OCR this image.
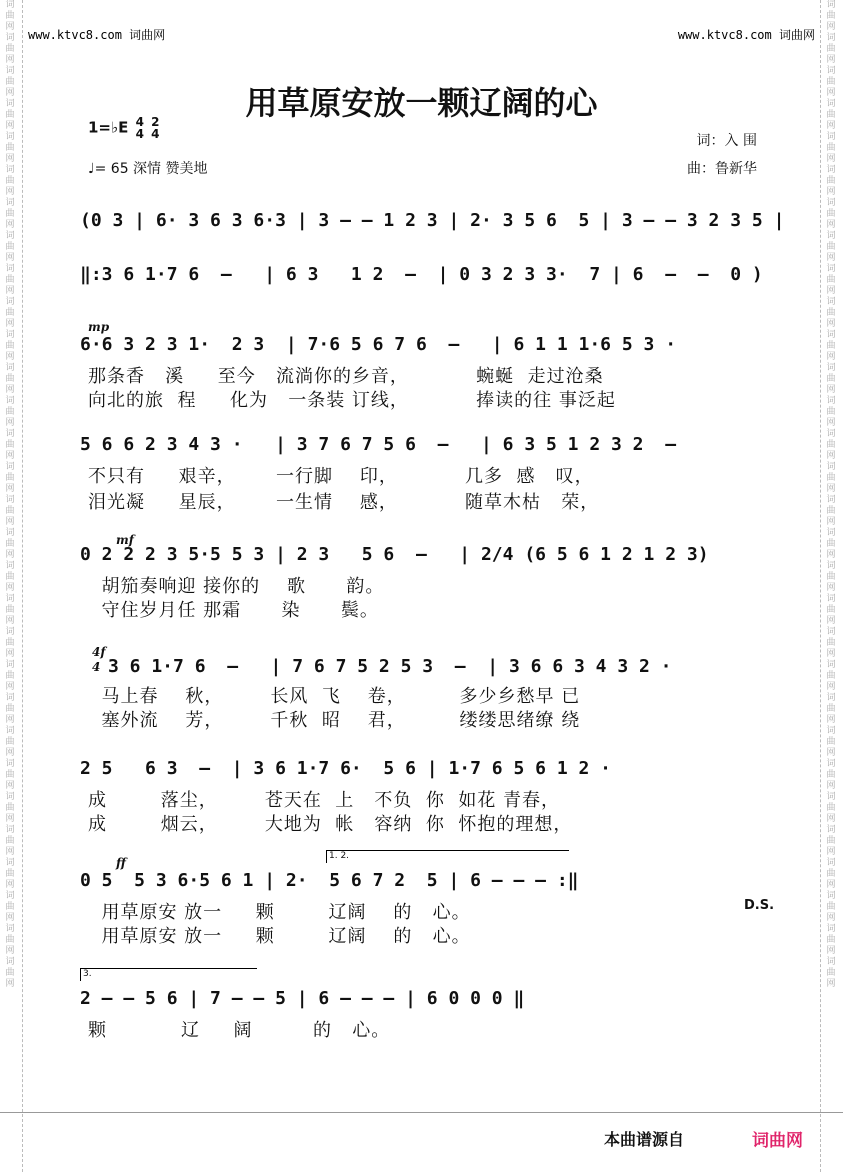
词曲网词曲网词曲网词曲网词曲网词曲网词曲网词曲网词曲网词曲网词曲网词曲网词曲网词曲网词曲网词曲网词曲网词曲网词曲网词曲网词曲网词曲网词曲网词曲网词曲网词曲网词曲网词曲网词曲网词曲网
词曲网词曲网词曲网词曲网词曲网词曲网词曲网词曲网词曲网词曲网词曲网词曲网词曲网词曲网词曲网词曲网词曲网词曲网词曲网词曲网词曲网词曲网词曲网词曲网词曲网词曲网词曲网词曲网词曲网词曲网
www.ktvc8.com 词曲网	www.ktvc8.com 词曲网
用草原安放一颗辽阔的心
1=♭E 4
4 2
4
♩= 65 深情 赞美地
词：入 围
曲：鲁新华
(0 3 | 6· 3 6 3 6·3 | 3 – – 1 2 3 | 2· 3 5 6  5 | 3 – – 3 2 3 5 |
‖:3 6 1·7 6  –   | 6 3   1 2  –  | 0 3 2 3 3·  7 | 6  –  –  0 )
mp
6·6 3 2 3 1·  2 3  | 7·6 5 6 7 6  –   | 6 1 1 1·6 5 3 ·
那条香   溪     至今   流淌你的乡音，          蜿蜒  走过沧桑
向北的旅  程     化为   一条装 订线，          捧读的往 事泛起
5 6 6 2 3 4 3 ·   | 3 7 6 7 5 6  –   | 6 3 5 1 2 3 2  –
不只有     艰辛，      一行脚    印，          几多  感   叹，
泪光凝     星辰，      一生情    感，          随草木枯   荣，
mf
0 2 2 2 3 5·5 5 3 | 2 3   5 6  –   | 2/4 (6 5 6 1 2 1 2 3)
胡笳奏响迎 接你的    歌      韵。
守住岁月任 那霜      染      鬓。
4f
4 3 6 1·7 6  –   | 7 6 7 5 2 5 3  –  | 3 6 6 3 4 3 2 ·
马上春    秋，       长风  飞    卷，        多少乡愁早 已
塞外流    芳，       千秋  昭    君，        缕缕思绪缭 绕
2 5   6 3  –  | 3 6 1·7 6·  5 6 | 1·7 6 5 6 1 2 ·
成        落尘，       苍天在  上   不负  你  如花 青春，
成        烟云，       大地为  帐   容纳  你  怀抱的理想，
1. 2.
ff
0 5  5 3 6·5 6 1 | 2·  5 6 7 2  5 | 6 – – – :‖
D.S.
用草原安 放一     颗        辽阔    的   心。
用草原安 放一     颗        辽阔    的   心。
3.
2 – – 5 6 | 7 – – 5 | 6 – – – | 6 0 0 0 ‖
颗           辽     阔         的   心。
本曲谱源自	词曲网
